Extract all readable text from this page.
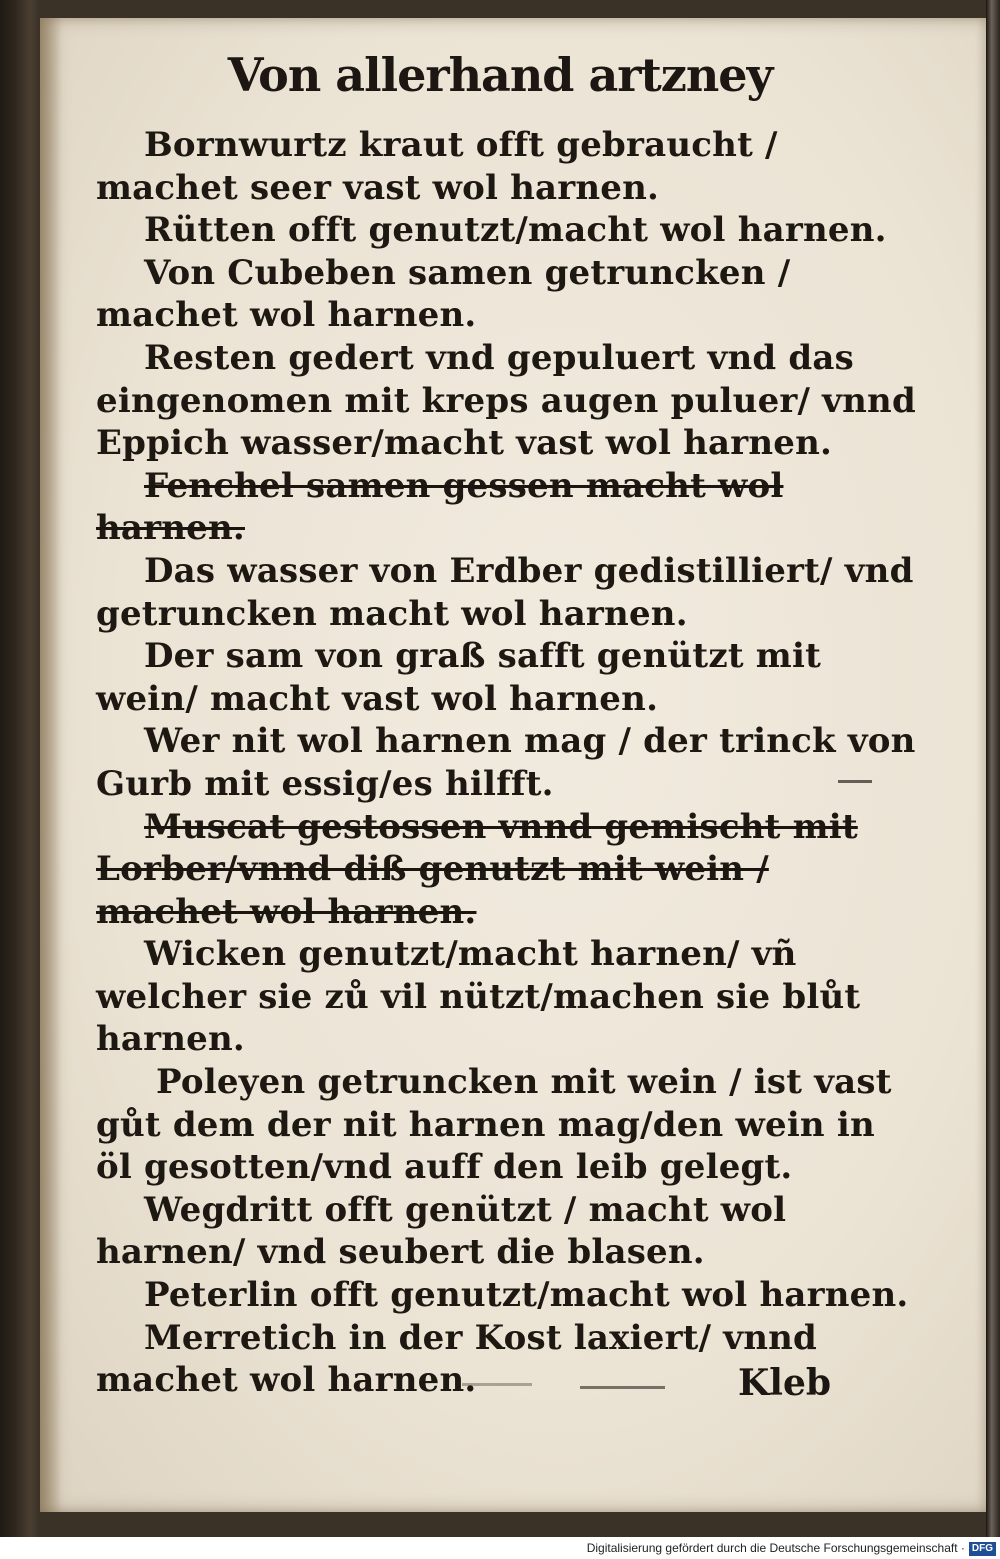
Von allerhand artzney

Bornwurtz kraut offt gebraucht / machet seer vast wol harnen.

Rütten offt genutzt/macht wol harnen.

Von Cubeben samen getruncken / machet wol harnen.

Resten gedert vnd gepuluert vnd das eingenomen mit kreps augen puluer/ vnnd Eppich wasser/macht vast wol harnen.

Fenchel samen gessen macht wol harnen.

Das wasser von Erdber gedistilliert/ vnd getruncken macht wol harnen.

Der sam von graß safft genützt mit wein/ macht vast wol harnen.

Wer nit wol harnen mag / der trinck von Gurb mit essig/es hilfft.

Muscat gestossen vnnd gemischt mit Lorber/vnnd diß genutzt mit wein / machet wol harnen.

Wicken genutzt/macht harnen/ vñ welcher sie zů vil nützt/machen sie blůt harnen.

Poleyen getruncken mit wein / ist vast gůt dem der nit harnen mag/den wein in öl gesotten/vnd auff den leib gelegt.

Wegdritt offt genützt / macht wol harnen/ vnd seubert die blasen.

Peterlin offt genutzt/macht wol harnen.

Merretich in der Kost laxiert/ vnnd machet wol harnen.	Kleb
Digitalisierung gefördert durch die Deutsche Forschungsgemeinschaft · DFG
